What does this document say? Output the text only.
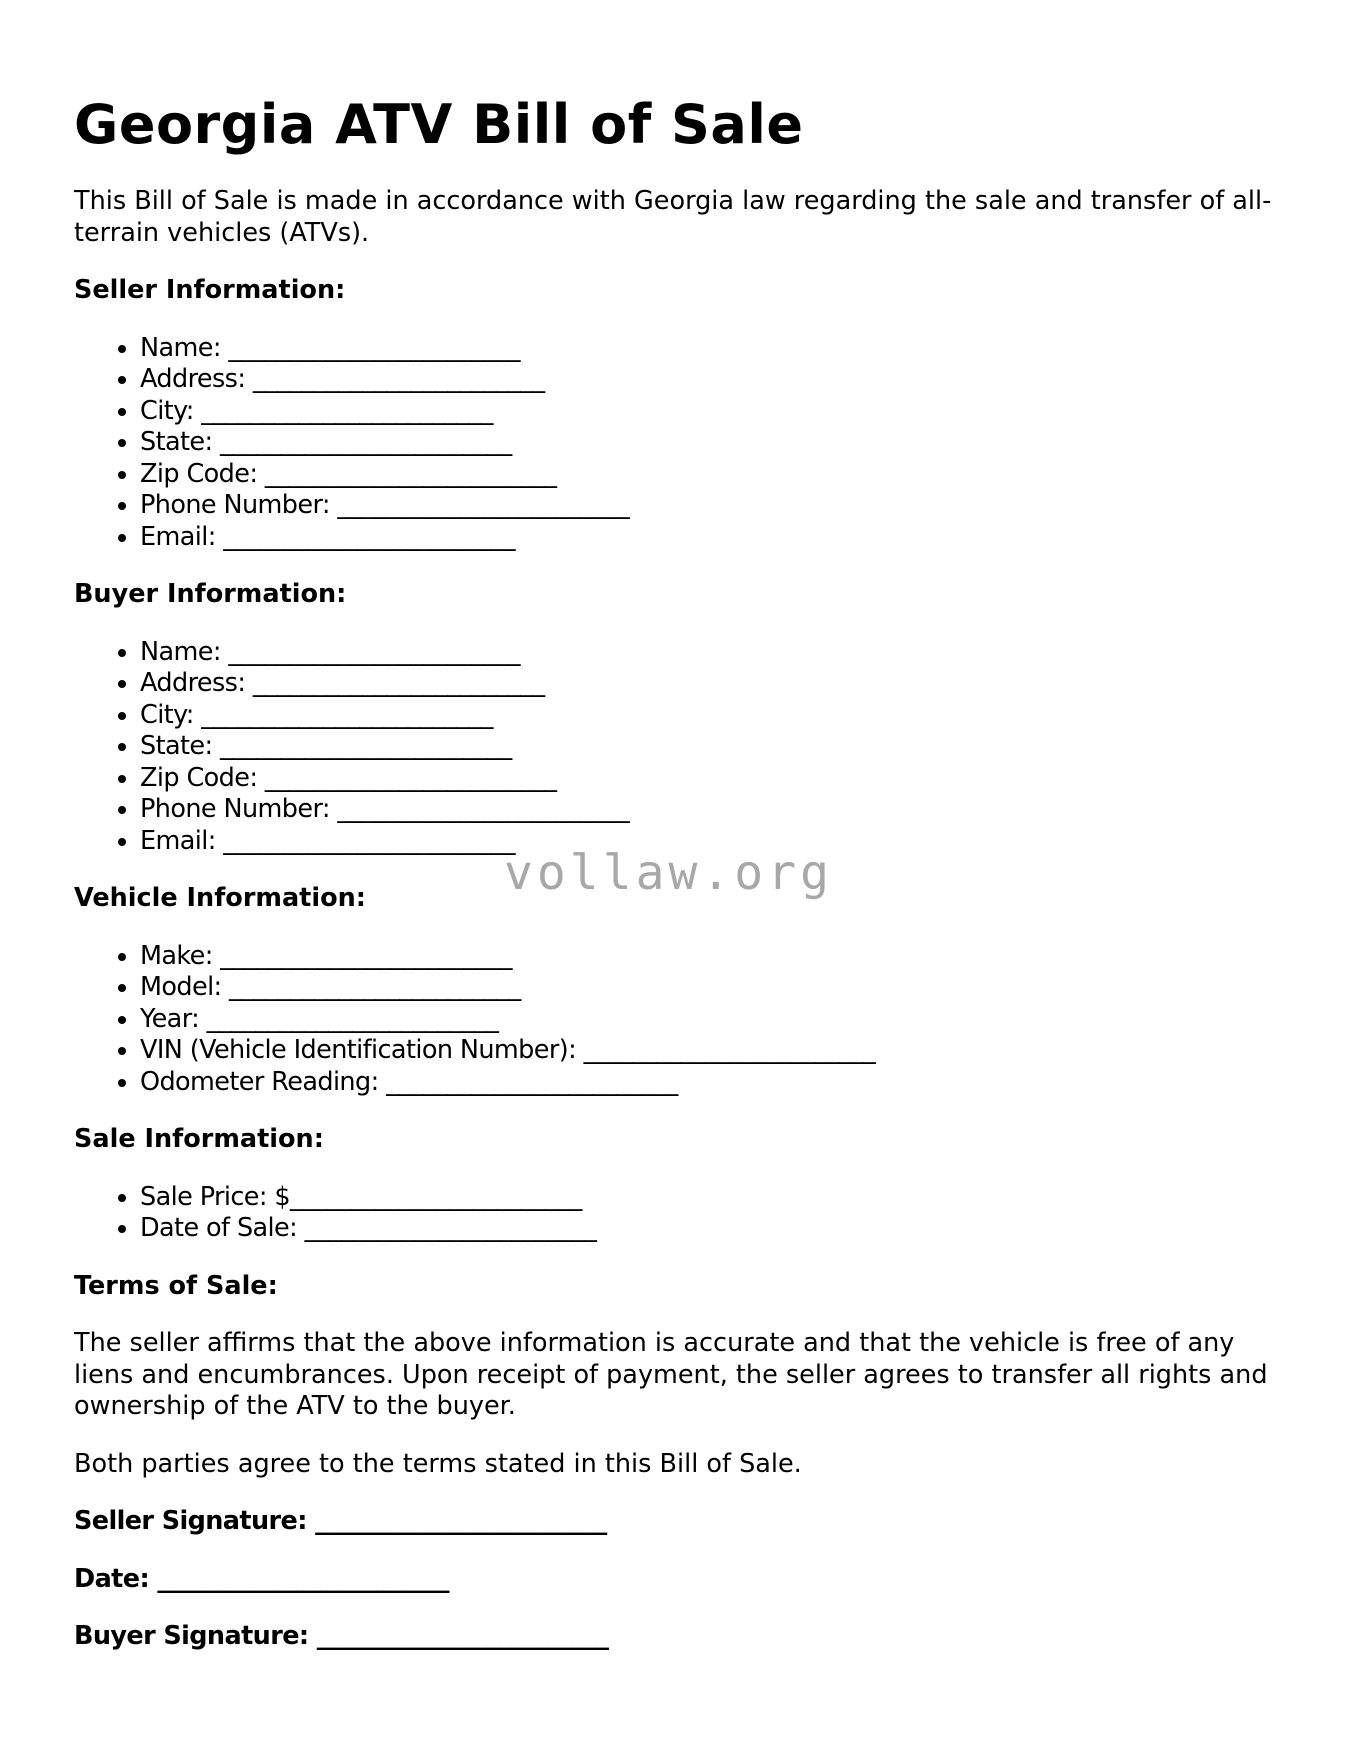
Georgia ATV Bill of Sale

This Bill of Sale is made in accordance with Georgia law regarding the sale and transfer of all-terrain vehicles (ATVs).

Seller Information:
• Name: ________________________
• Address: ________________________
• City: ________________________
• State: ________________________
• Zip Code: ________________________
• Phone Number: ________________________
• Email: ________________________
Buyer Information:
• Name: ________________________
• Address: ________________________
• City: ________________________
• State: ________________________
• Zip Code: ________________________
• Phone Number: ________________________
• Email: ________________________
Vehicle Information:
• Make: ________________________
• Model: ________________________
• Year: ________________________
• VIN (Vehicle Identification Number): ________________________
• Odometer Reading: ________________________
Sale Information:
• Sale Price: $________________________
• Date of Sale: ________________________
Terms of Sale:

The seller affirms that the above information is accurate and that the vehicle is free of any liens and encumbrances. Upon receipt of payment, the seller agrees to transfer all rights and ownership of the ATV to the buyer.

Both parties agree to the terms stated in this Bill of Sale.

Seller Signature: ________________________
Date: ________________________
Buyer Signature: ________________________
vollaw.org
